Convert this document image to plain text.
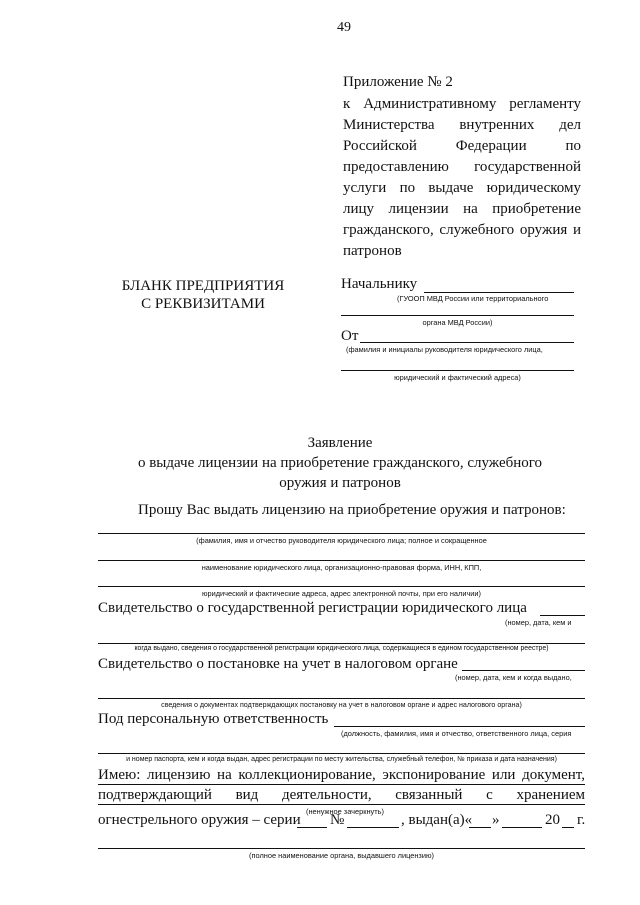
49
Приложение № 2
к Административному регламенту
Министерства внутренних дел
Российской Федерации по
предоставлению государственной
услуги по выдаче юридическому
лицу лицензии на приобретение
гражданского, служебного оружия и
патронов
БЛАНК ПРЕДПРИЯТИЯ
С РЕКВИЗИТАМИ
Начальнику
(ГУООП МВД России или территориального
органа МВД России)
От
(фамилия и инициалы руководителя юридического лица,
юридический и фактический адреса)
Заявление
о выдаче лицензии на приобретение гражданского, служебного
оружия и патронов
Прошу Вас выдать лицензию на приобретение оружия и патронов:
(фамилия, имя и отчество руководителя юридического лица; полное и сокращенное
наименование юридического лица, организационно-правовая форма, ИНН, КПП,
юридический и фактические адреса, адрес электронной почты, при его наличии)
Свидетельство о государственной регистрации юридического лица
(номер, дата, кем и
когда выдано, сведения о государственной регистрации юридического лица, содержащиеся в едином государственном реестре)
Свидетельство о постановке на учет в налоговом органе
(номер, дата, кем и когда выдано,
сведения о документах подтверждающих постановку на учет в налоговом органе и адрес налогового органа)
Под персональную ответственность
(должность, фамилия, имя и отчество, ответственного лица, серия
и номер паспорта, кем и когда выдан, адрес регистрации по месту жительства, служебный телефон, № приказа и дата назначения)
Имею: лицензию на коллекционирование, экспонирование или документ,
подтверждающий вид деятельности, связанный с хранением
(ненужное зачеркнуть)
огнестрельного оружия – серии №	, выдан(а)« »	20 г.
(полное наименование органа, выдавшего лицензию)
